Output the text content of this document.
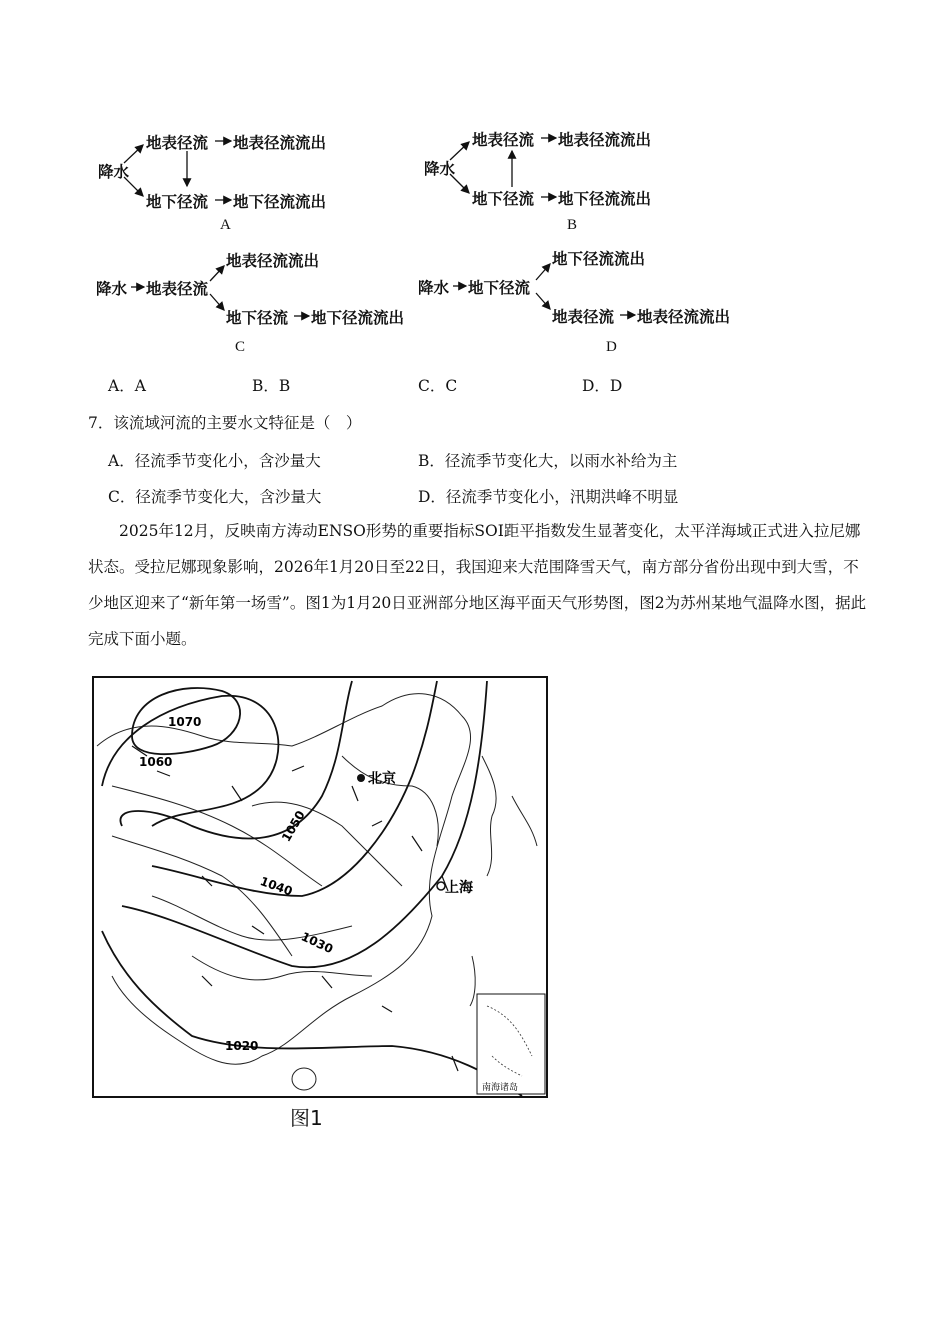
降水
地表径流 地表径流流出
地下径流 地下径流流出
A
降水
地表径流 地表径流流出
地下径流 地下径流流出
B
降水 地表径流
地表径流流出
地下径流 地下径流流出
C
降水 地下径流
地下径流流出
地表径流 地表径流流出
D
A．A	B．B	C．C	D．D
7．该流域河流的主要水文特征是（　）
A．径流季节变化小，含沙量大	B．径流季节变化大，以雨水补给为主
C．径流季节变化大，含沙量大	D．径流季节变化小，汛期洪峰不明显
2025年12月，反映南方涛动ENSO形势的重要指标SOI距平指数发生显著变化，太平洋海域正式进入拉尼娜状态。受拉尼娜现象影响，2026年1月20日至22日，我国迎来大范围降雪天气，南方部分省份出现中到大雪，不少地区迎来了“新年第一场雪”。图1为1月20日亚洲部分地区海平面天气形势图，图2为苏州某地气温降水图，据此完成下面小题。
1070
1060
1050
1040
1030
1020
北京
上海
南海诸岛
图1
